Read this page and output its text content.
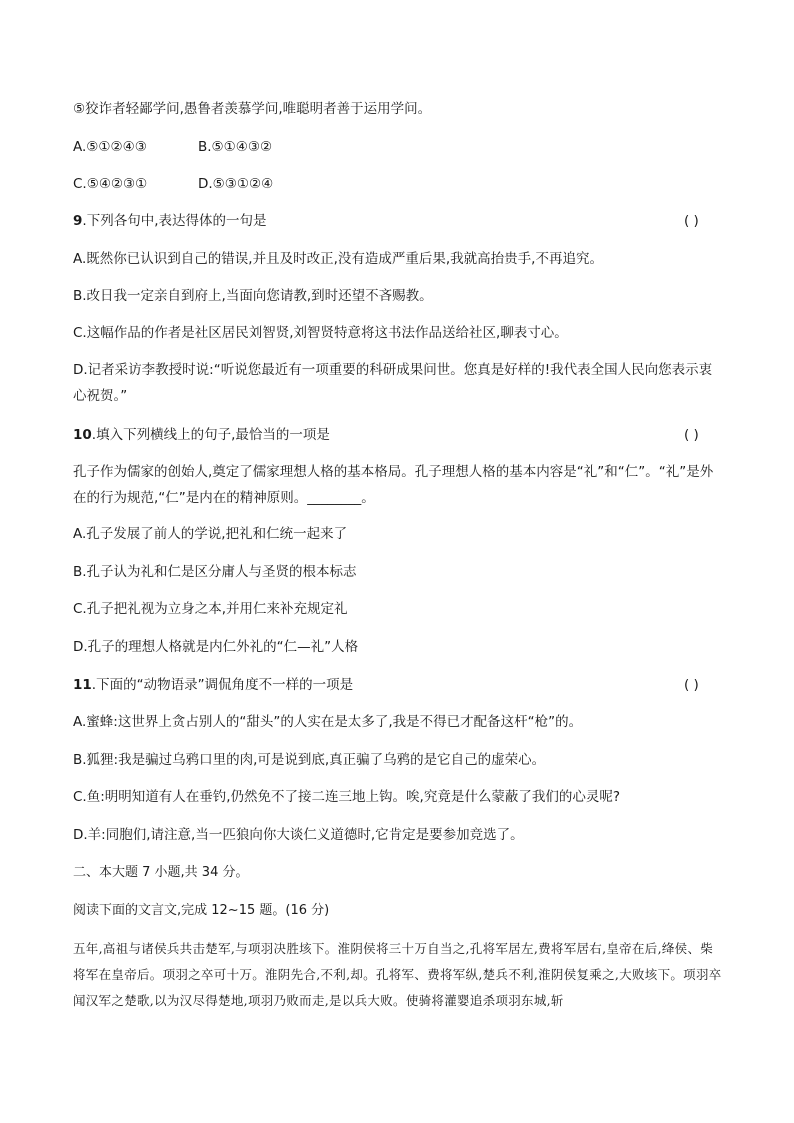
⑤狡诈者轻鄙学问,愚鲁者羡慕学问,唯聪明者善于运用学问。
A.⑤①②④③	B.⑤①④③②
C.⑤④②③①	D.⑤③①②④
9.下列各句中,表达得体的一句是	( )
A.既然你已认识到自己的错误,并且及时改正,没有造成严重后果,我就高抬贵手,不再追究。
B.改日我一定亲自到府上,当面向您请教,到时还望不吝赐教。
C.这幅作品的作者是社区居民刘智贤,刘智贤特意将这书法作品送给社区,聊表寸心。
D.记者采访李教授时说:“听说您最近有一项重要的科研成果问世。您真是好样的!我代表全国人民向您表示衷心祝贺。”
10.填入下列横线上的句子,最恰当的一项是	( )
孔子作为儒家的创始人,奠定了儒家理想人格的基本格局。孔子理想人格的基本内容是“礼”和“仁”。“礼”是外在的行为规范,“仁”是内在的精神原则。________。
A.孔子发展了前人的学说,把礼和仁统一起来了
B.孔子认为礼和仁是区分庸人与圣贤的根本标志
C.孔子把礼视为立身之本,并用仁来补充规定礼
D.孔子的理想人格就是内仁外礼的“仁—礼”人格
11.下面的“动物语录”调侃角度不一样的一项是	( )
A.蜜蜂:这世界上贪占别人的“甜头”的人实在是太多了,我是不得已才配备这杆“枪”的。
B.狐狸:我是骗过乌鸦口里的肉,可是说到底,真正骗了乌鸦的是它自己的虚荣心。
C.鱼:明明知道有人在垂钓,仍然免不了接二连三地上钩。唉,究竟是什么蒙蔽了我们的心灵呢?
D.羊:同胞们,请注意,当一匹狼向你大谈仁义道德时,它肯定是要参加竞选了。
二、本大题 7 小题,共 34 分。
阅读下面的文言文,完成 12~15 题。(16 分)
五年,高祖与诸侯兵共击楚军,与项羽决胜垓下。淮阴侯将三十万自当之,孔将军居左,费将军居右,皇帝在后,绛侯、柴将军在皇帝后。项羽之卒可十万。淮阴先合,不利,却。孔将军、费将军纵,楚兵不利,淮阴侯复乘之,大败垓下。项羽卒闻汉军之楚歌,以为汉尽得楚地,项羽乃败而走,是以兵大败。使骑将灌婴追杀项羽东城,斩
